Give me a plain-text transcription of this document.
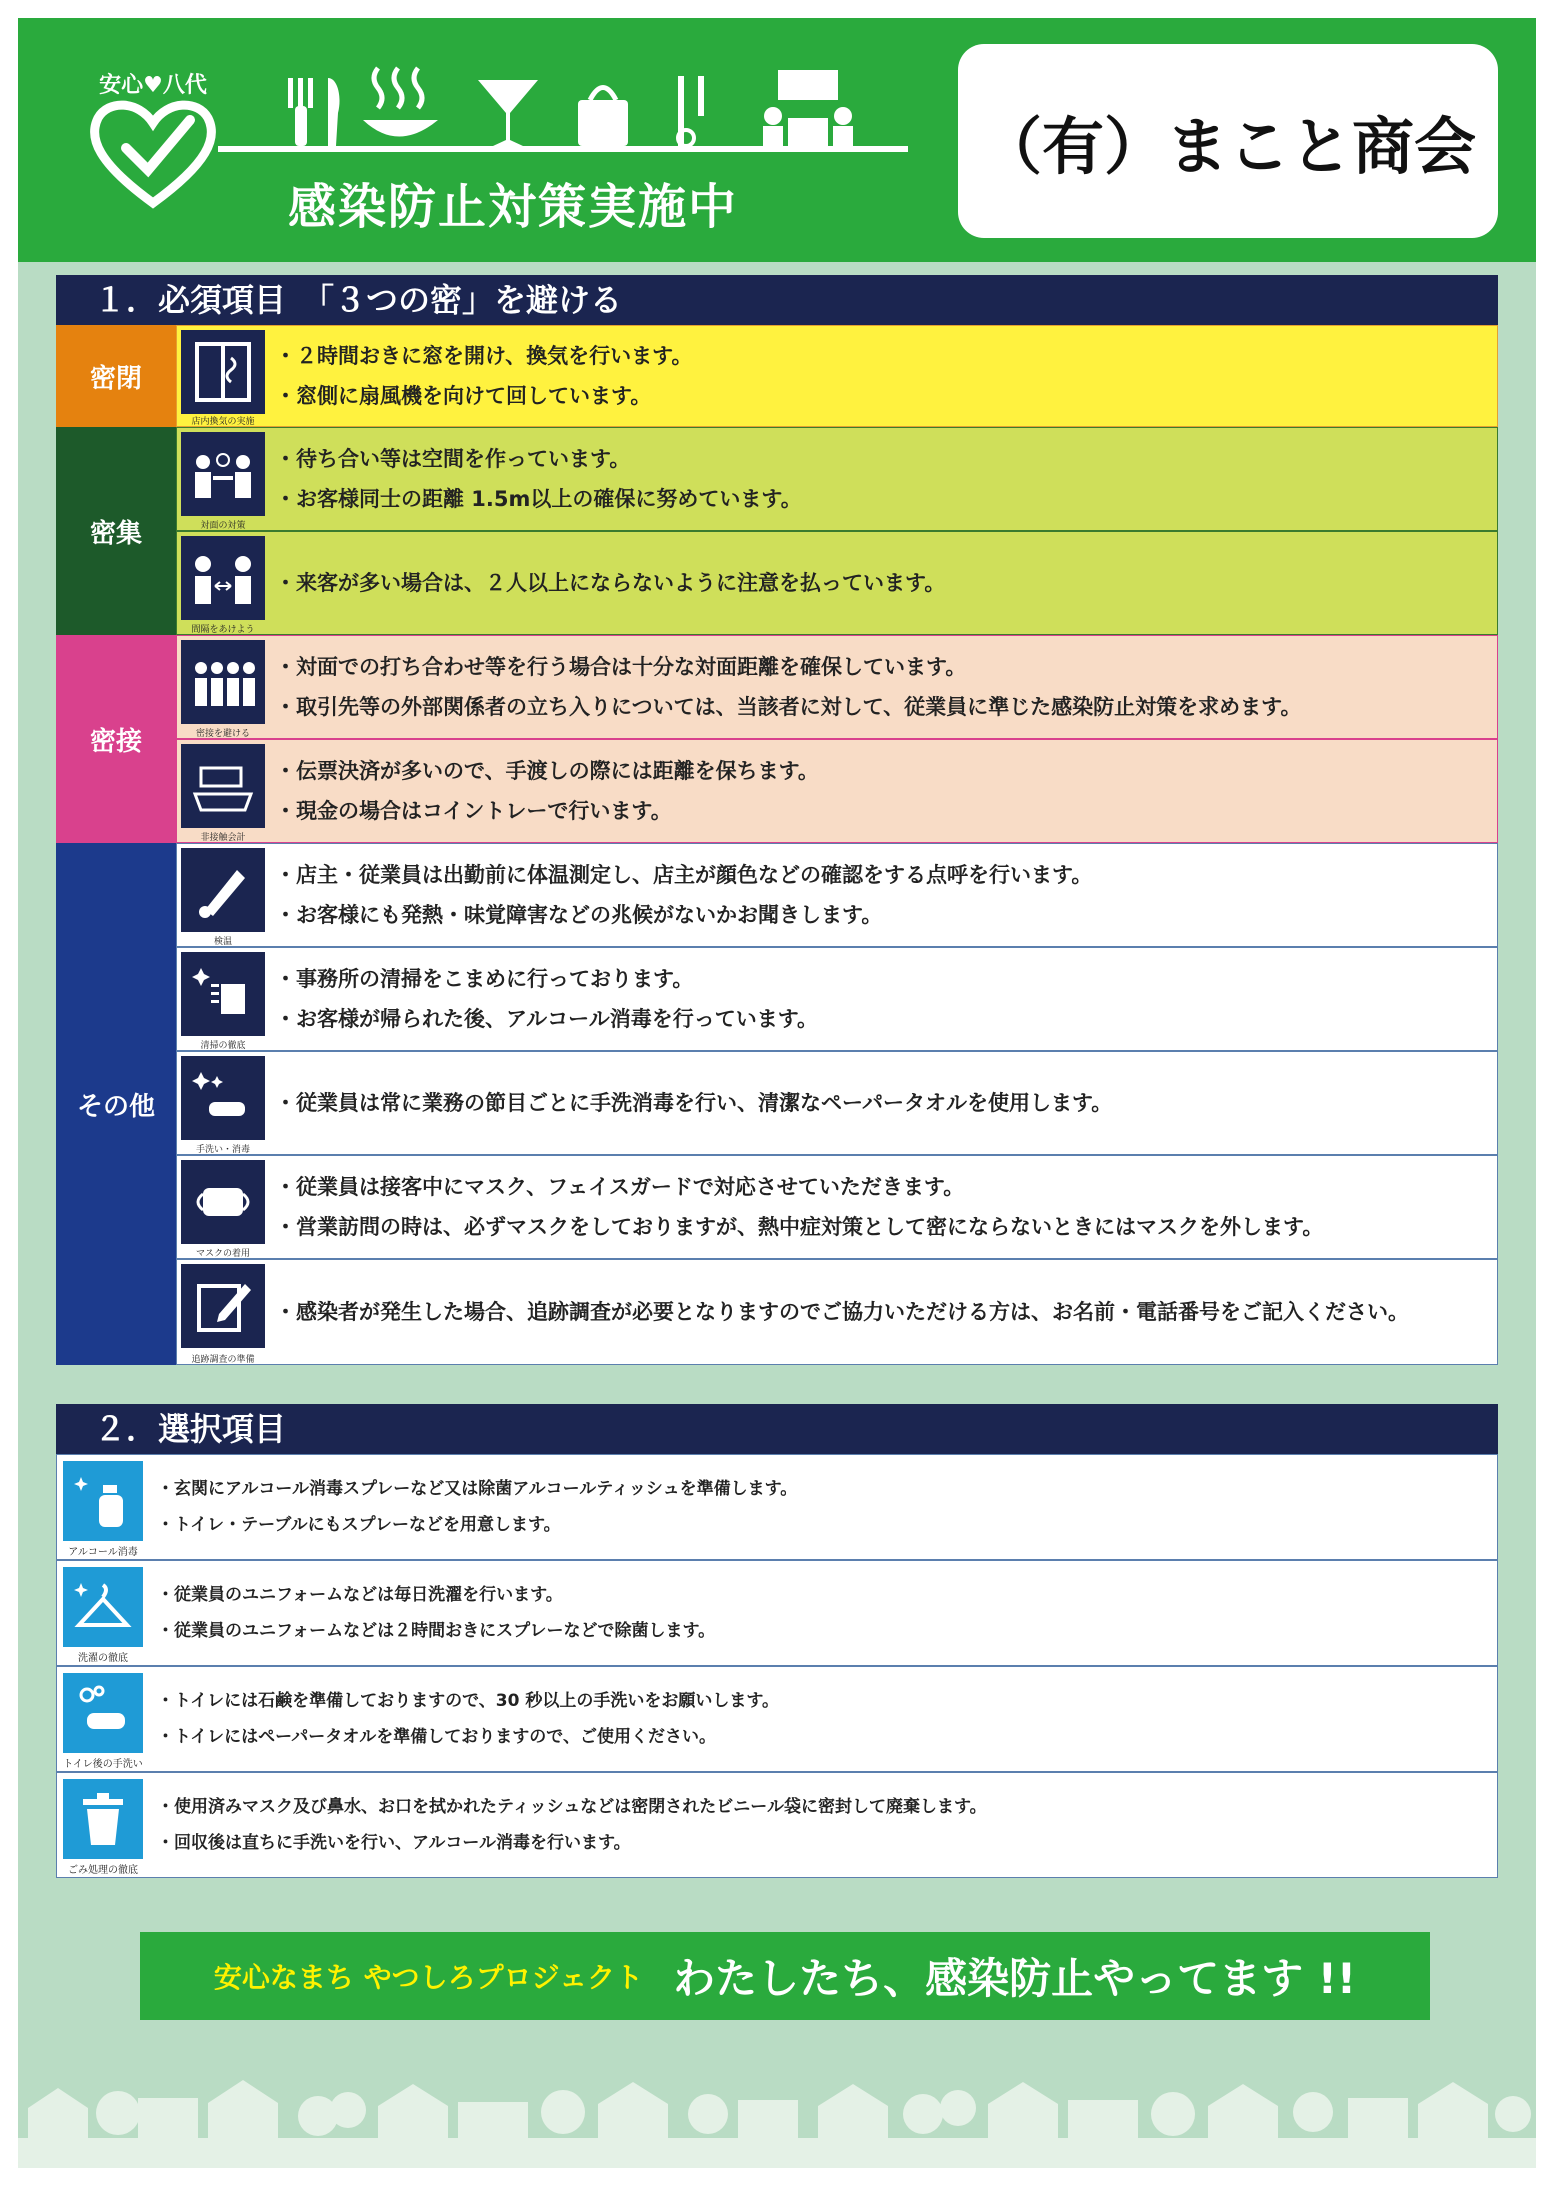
安心♥八代
感染防止対策実施中
（有）まこと商会
１．必須項目　「３つの密」を避ける
密閉
密集
密接
その他
店内換気の実施
・２時間おきに窓を開け、換気を行います。
・窓側に扇風機を向けて回しています。
対面の対策
・待ち合い等は空間を作っています。
・お客様同士の距離 1.5m以上の確保に努めています。
間隔をあけよう
・来客が多い場合は、２人以上にならないように注意を払っています。
密接を避ける
・対面での打ち合わせ等を行う場合は十分な対面距離を確保しています。
・取引先等の外部関係者の立ち入りについては、当該者に対して、従業員に準じた感染防止対策を求めます。
非接触会計
・伝票決済が多いので、手渡しの際には距離を保ちます。
・現金の場合はコイントレーで行います。
検温
・店主・従業員は出勤前に体温測定し、店主が顔色などの確認をする点呼を行います。
・お客様にも発熱・味覚障害などの兆候がないかお聞きします。
清掃の徹底
・事務所の清掃をこまめに行っております。
・お客様が帰られた後、アルコール消毒を行っています。
手洗い・消毒
・従業員は常に業務の節目ごとに手洗消毒を行い、清潔なペーパータオルを使用します。
マスクの着用
・従業員は接客中にマスク、フェイスガードで対応させていただきます。
・営業訪問の時は、必ずマスクをしておりますが、熱中症対策として密にならないときにはマスクを外します。
追跡調査の準備
・感染者が発生した場合、追跡調査が必要となりますのでご協力いただける方は、お名前・電話番号をご記入ください。
２．選択項目
アルコール消毒
・玄関にアルコール消毒スプレーなど又は除菌アルコールティッシュを準備します。
・トイレ・テーブルにもスプレーなどを用意します。
洗濯の徹底
・従業員のユニフォームなどは毎日洗濯を行います。
・従業員のユニフォームなどは２時間おきにスプレーなどで除菌します。
トイレ後の手洗い
・トイレには石鹸を準備しておりますので、30 秒以上の手洗いをお願いします。
・トイレにはペーパータオルを準備しておりますので、ご使用ください。
ごみ処理の徹底
・使用済みマスク及び鼻水、お口を拭かれたティッシュなどは密閉されたビニール袋に密封して廃棄します。
・回収後は直ちに手洗いを行い、アルコール消毒を行います。
安心なまち やつしろプロジェクト わたしたち、感染防止やってます !!
